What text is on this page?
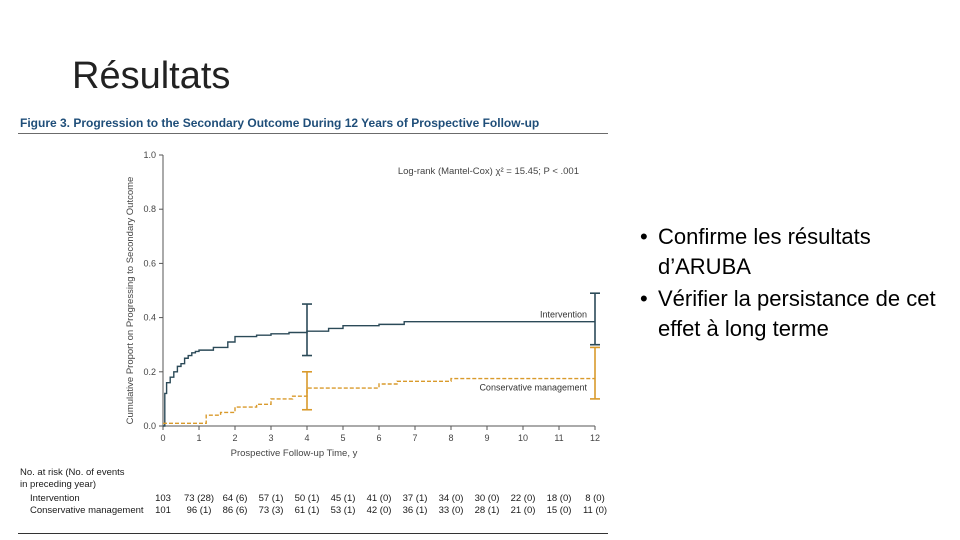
Résultats
Figure 3. Progression to the Secondary Outcome During 12 Years of Prospective Follow-up
0.0
0.2
0.4
0.6
0.8
1.0
0	1	2	3	4	5	6	7	8	9	10	11	12
Prospective Follow-up Time, y
Cumulative Proport on Progressing to Secondary Outcome
Log-rank (Mantel-Cox) χ² = 15.45; P < .001
Intervention
Conservative management
No. at risk (No. of events
in preceding year)
Intervention	103 73 (28) 64 (6) 57 (1) 50 (1) 45 (1) 41 (0) 37 (1) 34 (0) 30 (0) 22 (0) 18 (0) 8 (0)
Conservative management 101 96 (1) 86 (6) 73 (3) 61 (1) 53 (1) 42 (0) 36 (1) 33 (0) 28 (1) 21 (0) 15 (0) 11 (0)
• Confirme les résultats d’ARUBA
• Vérifier la persistance de cet effet à long terme
